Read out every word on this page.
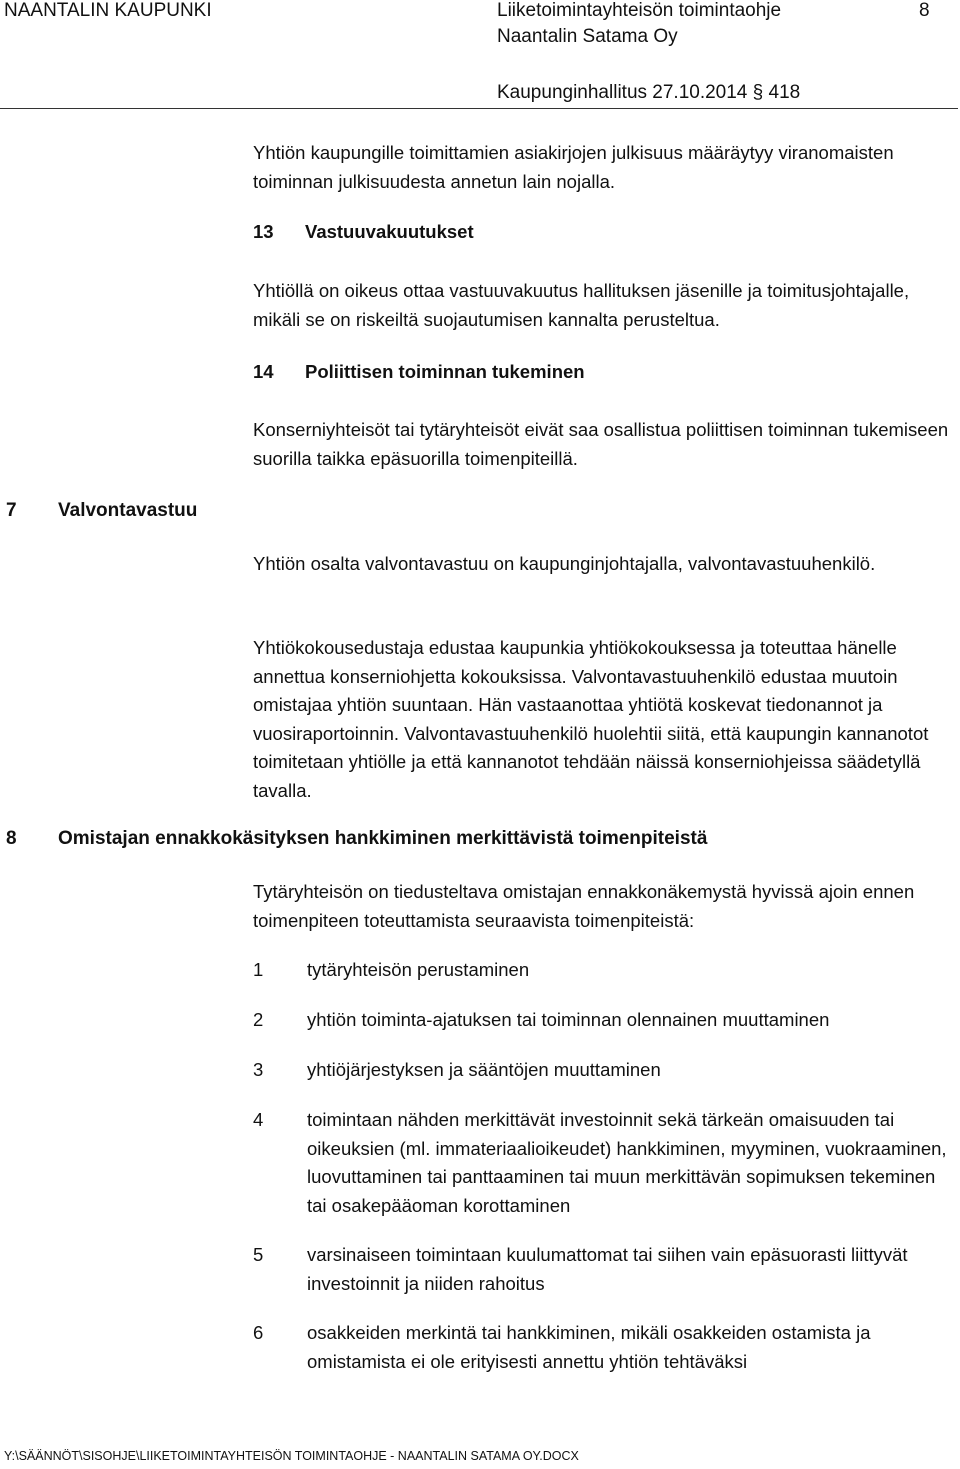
NAANTALIN KAUPUNKI	Liiketoimintayhteisön toimintaohje	8
Naantalin Satama Oy
Kaupunginhallitus 27.10.2014 § 418
Yhtiön kaupungille toimittamien asiakirjojen julkisuus määräytyy viranomaisten toiminnan julkisuudesta annetun lain nojalla.
13 Vastuuvakuutukset
Yhtiöllä on oikeus ottaa vastuuvakuutus hallituksen jäsenille ja toimitusjohtajalle, mikäli se on riskeiltä suojautumisen kannalta perusteltua.
14 Poliittisen toiminnan tukeminen
Konserniyhteisöt tai tytäryhteisöt eivät saa osallistua poliittisen toiminnan tukemiseen suorilla taikka epäsuorilla toimenpiteillä.
7 Valvontavastuu
Yhtiön osalta valvontavastuu on kaupunginjohtajalla, valvontavastuuhenkilö.
Yhtiökokousedustaja edustaa kaupunkia yhtiökokouksessa ja toteuttaa hänelle annettua konserniohjetta kokouksissa. Valvontavastuuhenkilö edustaa muutoin omistajaa yhtiön suuntaan. Hän vastaanottaa yhtiötä koskevat tiedonannot ja vuosiraportoinnin. Valvontavastuuhenkilö huolehtii siitä, että kaupungin kannanotot toimitetaan yhtiölle ja että kannanotot tehdään näissä konserniohjeissa säädetyllä tavalla.
8 Omistajan ennakkokäsityksen hankkiminen merkittävistä toimenpiteistä
Tytäryhteisön on tiedusteltava omistajan ennakkonäkemystä hyvissä ajoin ennen toimenpiteen toteuttamista seuraavista toimenpiteistä:
1	tytäryhteisön perustaminen
2	yhtiön toiminta-ajatuksen tai toiminnan olennainen muuttaminen
3	yhtiöjärjestyksen ja sääntöjen muuttaminen
4	toimintaan nähden merkittävät investoinnit sekä tärkeän omaisuuden tai oikeuksien (ml. immateriaalioikeudet) hankkiminen, myyminen, vuokraaminen, luovuttaminen tai panttaaminen tai muun merkittävän sopimuksen tekeminen tai osakepääoman korottaminen
5	varsinaiseen toimintaan kuulumattomat tai siihen vain epäsuorasti liittyvät investoinnit ja niiden rahoitus
6	osakkeiden merkintä tai hankkiminen, mikäli osakkeiden ostamista ja omistamista ei ole erityisesti annettu yhtiön tehtäväksi
Y:\SÄÄNNÖT\SISOHJE\LIIKETOIMINTAYHTEISÖN TOIMINTAOHJE - NAANTALIN SATAMA OY.DOCX
